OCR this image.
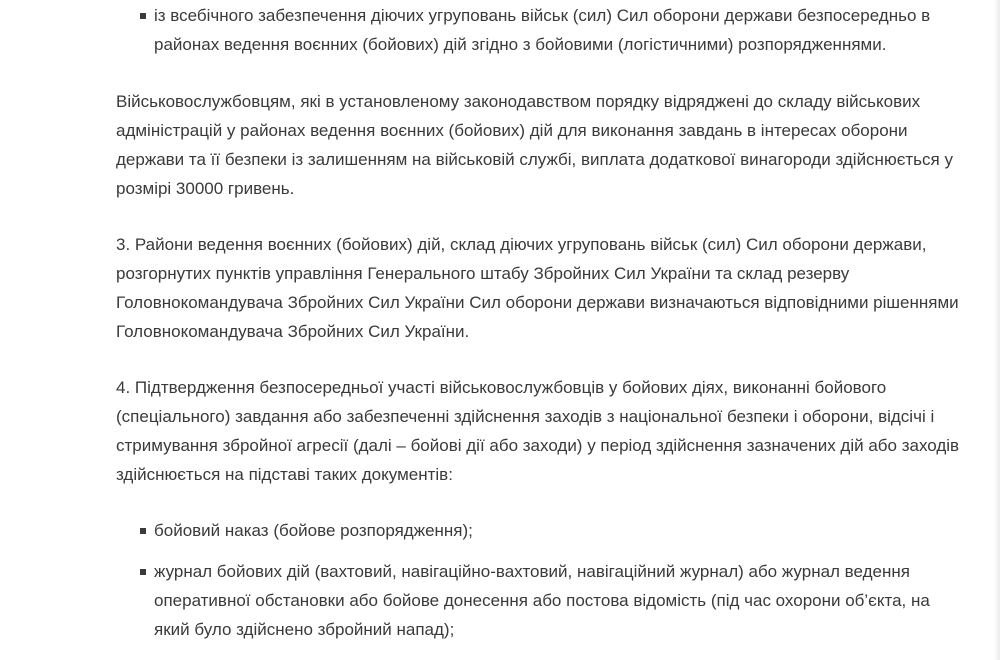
із всебічного забезпечення діючих угруповань військ (сил) Сил оборони держави безпосередньо в районах ведення воєнних (бойових) дій згідно з бойовими (логістичними) розпорядженнями.

Військовослужбовцям, які в установленому законодавством порядку відряджені до складу військових адміністрацій у районах ведення воєнних (бойових) дій для виконання завдань в інтересах оборони держави та її безпеки із залишенням на військовій службі, виплата додаткової винагороди здійснюється у розмірі 30000 гривень.

3. Райони ведення воєнних (бойових) дій, склад діючих угруповань військ (сил) Сил оборони держави, розгорнутих пунктів управління Генерального штабу Збройних Сил України та склад резерву Головнокомандувача Збройних Сил України Сил оборони держави визначаються відповідними рішеннями Головнокомандувача Збройних Сил України.

4. Підтвердження безпосередньої участі військовослужбовців у бойових діях, виконанні бойового (спеціального) завдання або забезпеченні здійснення заходів з національної безпеки і оборони, відсічі і стримування збройної агресії (далі – бойові дії або заходи) у період здійснення зазначених дій або заходів здійснюється на підставі таких документів:

бойовий наказ (бойове розпорядження);
журнал бойових дій (вахтовий, навігаційно-вахтовий, навігаційний журнал) або журнал ведення оперативної обстановки або бойове донесення або постова відомість (під час охорони об’єкта, на який було здійснено збройний напад);
